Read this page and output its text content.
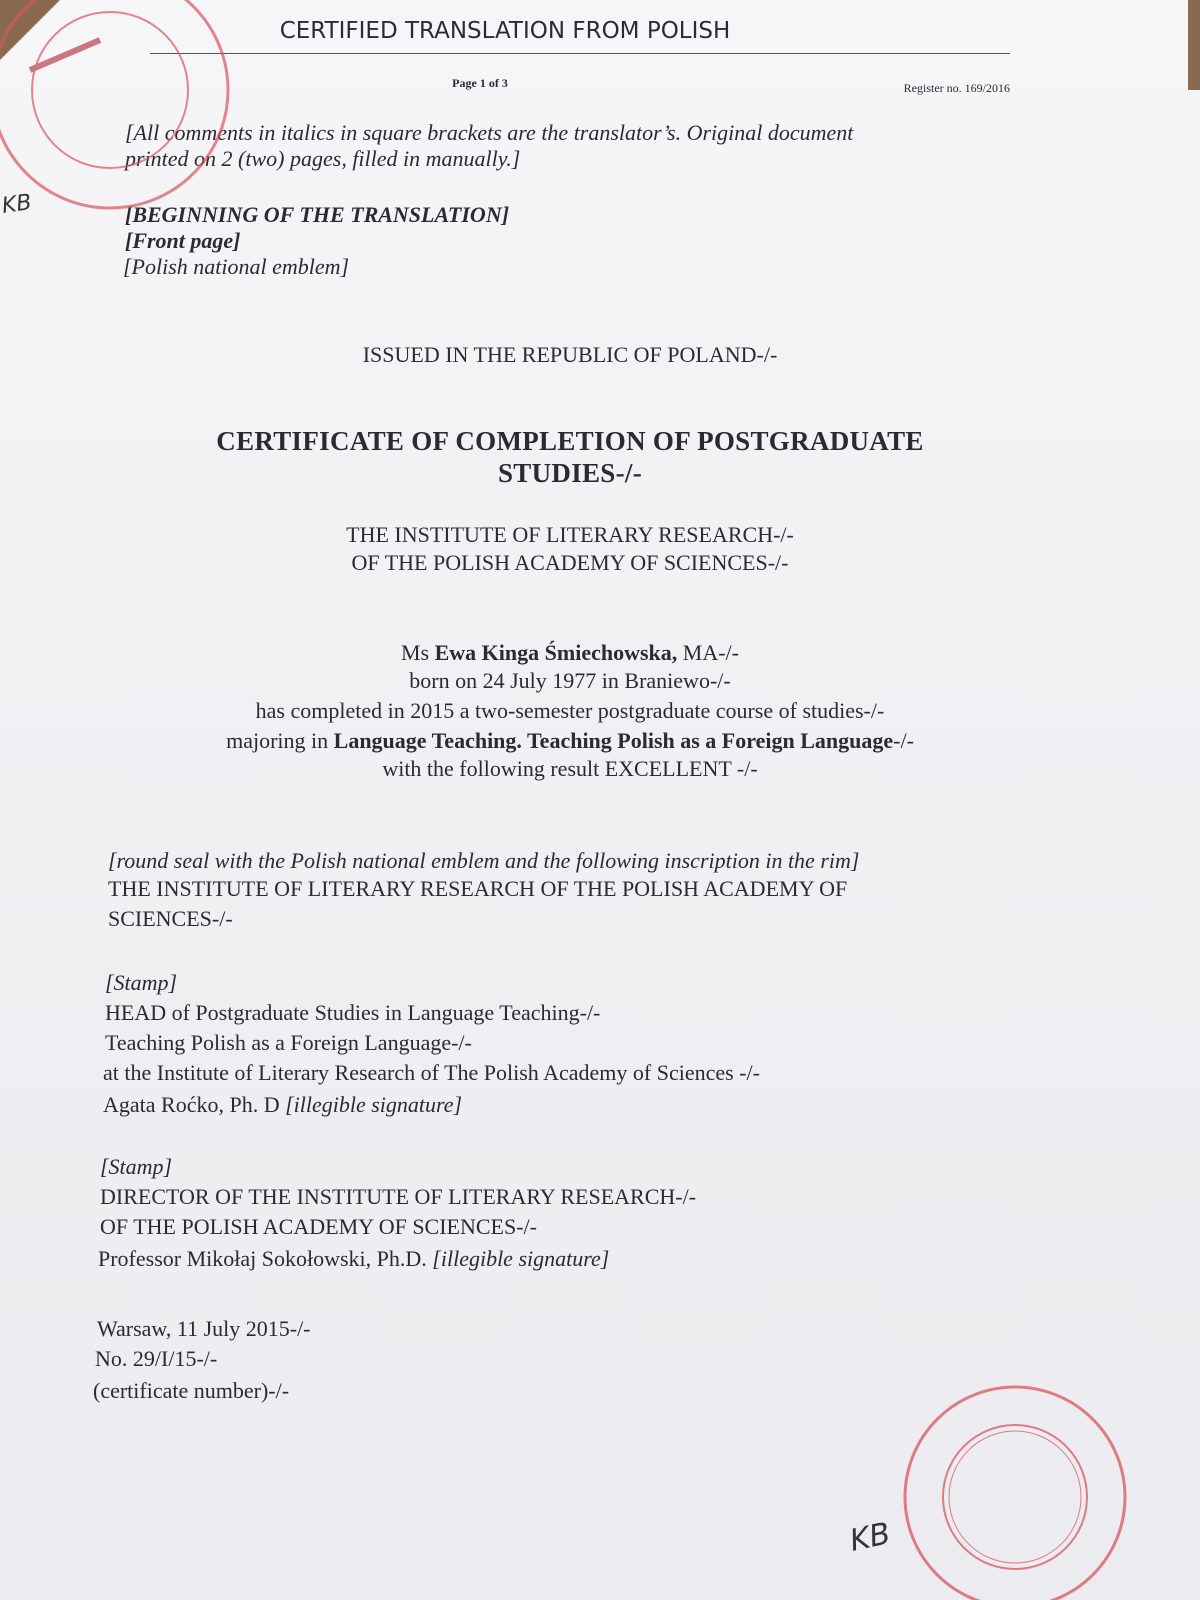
CERTIFIED TRANSLATION FROM POLISH
Page 1 of 3	Register no. 169/2016
[All comments in italics in square brackets are the translator’s. Original document
printed on 2 (two) pages, filled in manually.]
[BEGINNING OF THE TRANSLATION]
[Front page]
[Polish national emblem]
ISSUED IN THE REPUBLIC OF POLAND-/-
CERTIFICATE OF COMPLETION OF POSTGRADUATE
STUDIES-/-
THE INSTITUTE OF LITERARY RESEARCH-/-
OF THE POLISH ACADEMY OF SCIENCES-/-
Ms Ewa Kinga Śmiechowska, MA-/-
born on 24 July 1977 in Braniewo-/-
has completed in 2015 a two-semester postgraduate course of studies-/-
majoring in Language Teaching. Teaching Polish as a Foreign Language-/-
with the following result EXCELLENT -/-
[round seal with the Polish national emblem and the following inscription in the rim]
THE INSTITUTE OF LITERARY RESEARCH OF THE POLISH ACADEMY OF
SCIENCES-/-
[Stamp]
HEAD of Postgraduate Studies in Language Teaching-/-
Teaching Polish as a Foreign Language-/-
at the Institute of Literary Research of The Polish Academy of Sciences -/-
Agata Roćko, Ph. D [illegible signature]
[Stamp]
DIRECTOR OF THE INSTITUTE OF LITERARY RESEARCH-/-
OF THE POLISH ACADEMY OF SCIENCES-/-
Professor Mikołaj Sokołowski, Ph.D. [illegible signature]
Warsaw, 11 July 2015-/-
No. 29/I/15-/-
(certificate number)-/-
KB
KB
